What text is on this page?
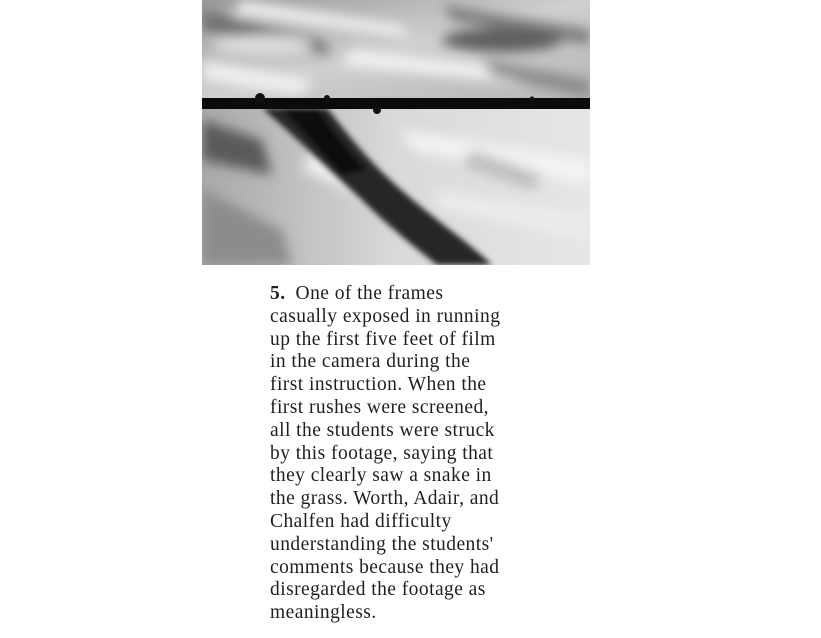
5. One of the frames
casually exposed in running
up the first five feet of film
in the camera during the
first instruction. When the
first rushes were screened,
all the students were struck
by this footage, saying that
they clearly saw a snake in
the grass. Worth, Adair, and
Chalfen had difficulty
understanding the students'
comments because they had
disregarded the footage as
meaningless.
